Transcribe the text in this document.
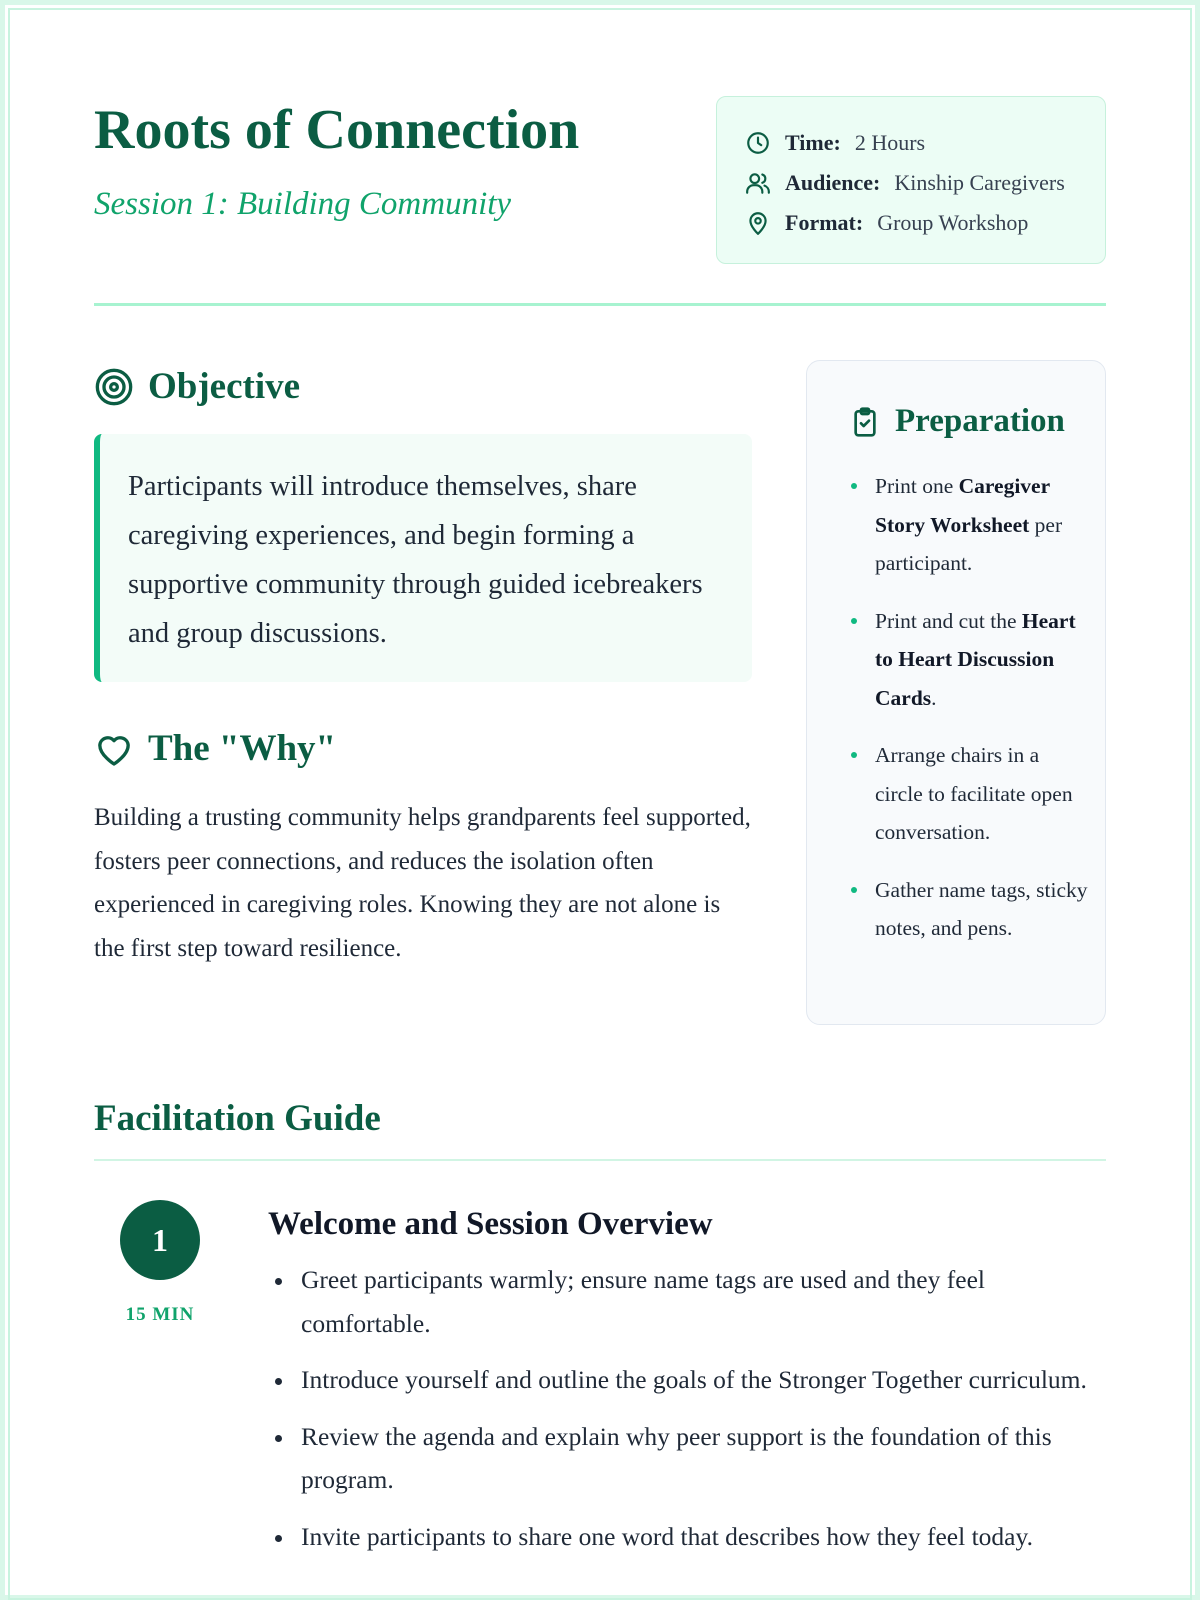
Roots of Connection
Session 1: Building Community
Time: 2 Hours
Audience: Kinship Caregivers
Format: Group Workshop
Objective

Participants will introduce themselves, share caregiving experiences, and begin forming a supportive community through guided icebreakers and group discussions.

The "Why"

Building a trusting community helps grandparents feel supported, fosters peer connections, and reduces the isolation often experienced in caregiving roles. Knowing they are not alone is the first step toward resilience.

Preparation
Print one Caregiver Story Worksheet per participant.
Print and cut the Heart to Heart Discussion Cards.
Arrange chairs in a circle to facilitate open conversation.
Gather name tags, sticky notes, and pens.
Facilitation Guide
1
15 MIN
Welcome and Session Overview
Greet participants warmly; ensure name tags are used and they feel comfortable.
Introduce yourself and outline the goals of the Stronger Together curriculum.
Review the agenda and explain why peer support is the foundation of this program.
Invite participants to share one word that describes how they feel today.
